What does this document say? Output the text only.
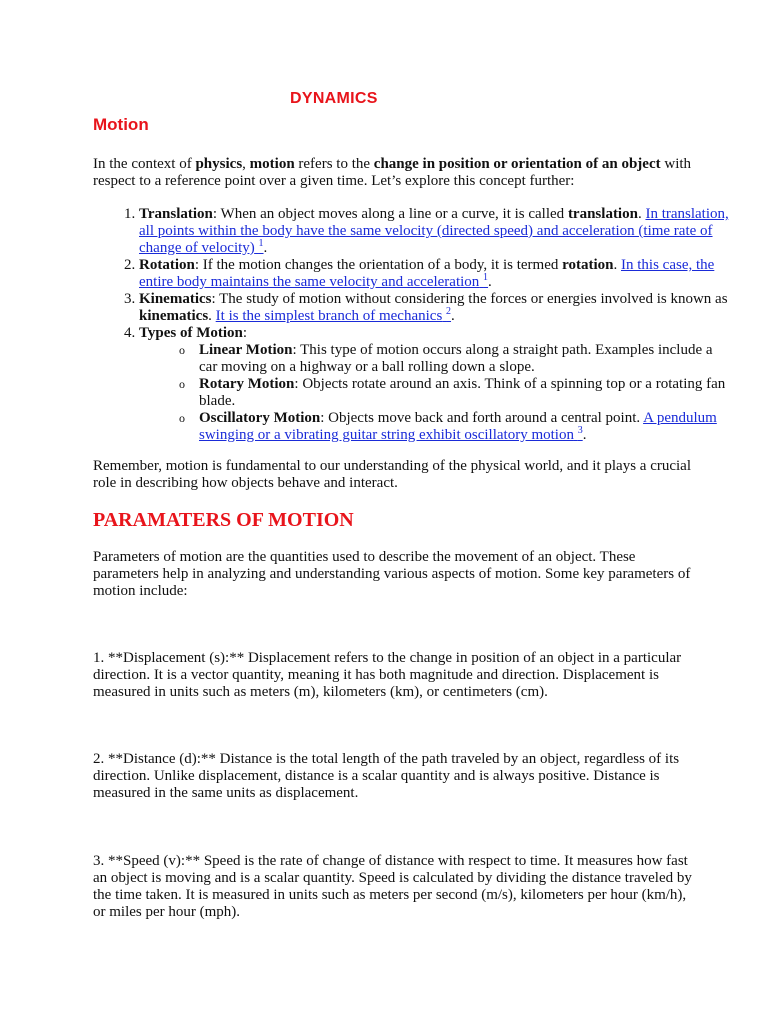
DYNAMICS
Motion

In the context of physics, motion refers to the change in position or orientation of an object with respect to a reference point over a given time. Let’s explore this concept further:

1. Translation: When an object moves along a line or a curve, it is called translation. In translation, all points within the body have the same velocity (directed speed) and acceleration (time rate of change of velocity) $^1$.
2. Rotation: If the motion changes the orientation of a body, it is termed rotation. In this case, the entire body maintains the same velocity and acceleration $^1$.
3. Kinematics: The study of motion without considering the forces or energies involved is known as kinematics. It is the simplest branch of mechanics $^2$.
4. Types of Motion:
o Linear Motion: This type of motion occurs along a straight path. Examples include a car moving on a highway or a ball rolling down a slope.
o Rotary Motion: Objects rotate around an axis. Think of a spinning top or a rotating fan blade.
o Oscillatory Motion: Objects move back and forth around a central point. A pendulum swinging or a vibrating guitar string exhibit oscillatory motion $^3$.

Remember, motion is fundamental to our understanding of the physical world, and it plays a crucial role in describing how objects behave and interact.

PARAMATERS OF MOTION

Parameters of motion are the quantities used to describe the movement of an object. These parameters help in analyzing and understanding various aspects of motion. Some key parameters of motion include:

1. **Displacement (s):** Displacement refers to the change in position of an object in a particular direction. It is a vector quantity, meaning it has both magnitude and direction. Displacement is measured in units such as meters (m), kilometers (km), or centimeters (cm).

2. **Distance (d):** Distance is the total length of the path traveled by an object, regardless of its direction. Unlike displacement, distance is a scalar quantity and is always positive. Distance is measured in the same units as displacement.

3. **Speed (v):** Speed is the rate of change of distance with respect to time. It measures how fast an object is moving and is a scalar quantity. Speed is calculated by dividing the distance traveled by the time taken. It is measured in units such as meters per second (m/s), kilometers per hour (km/h), or miles per hour (mph).
